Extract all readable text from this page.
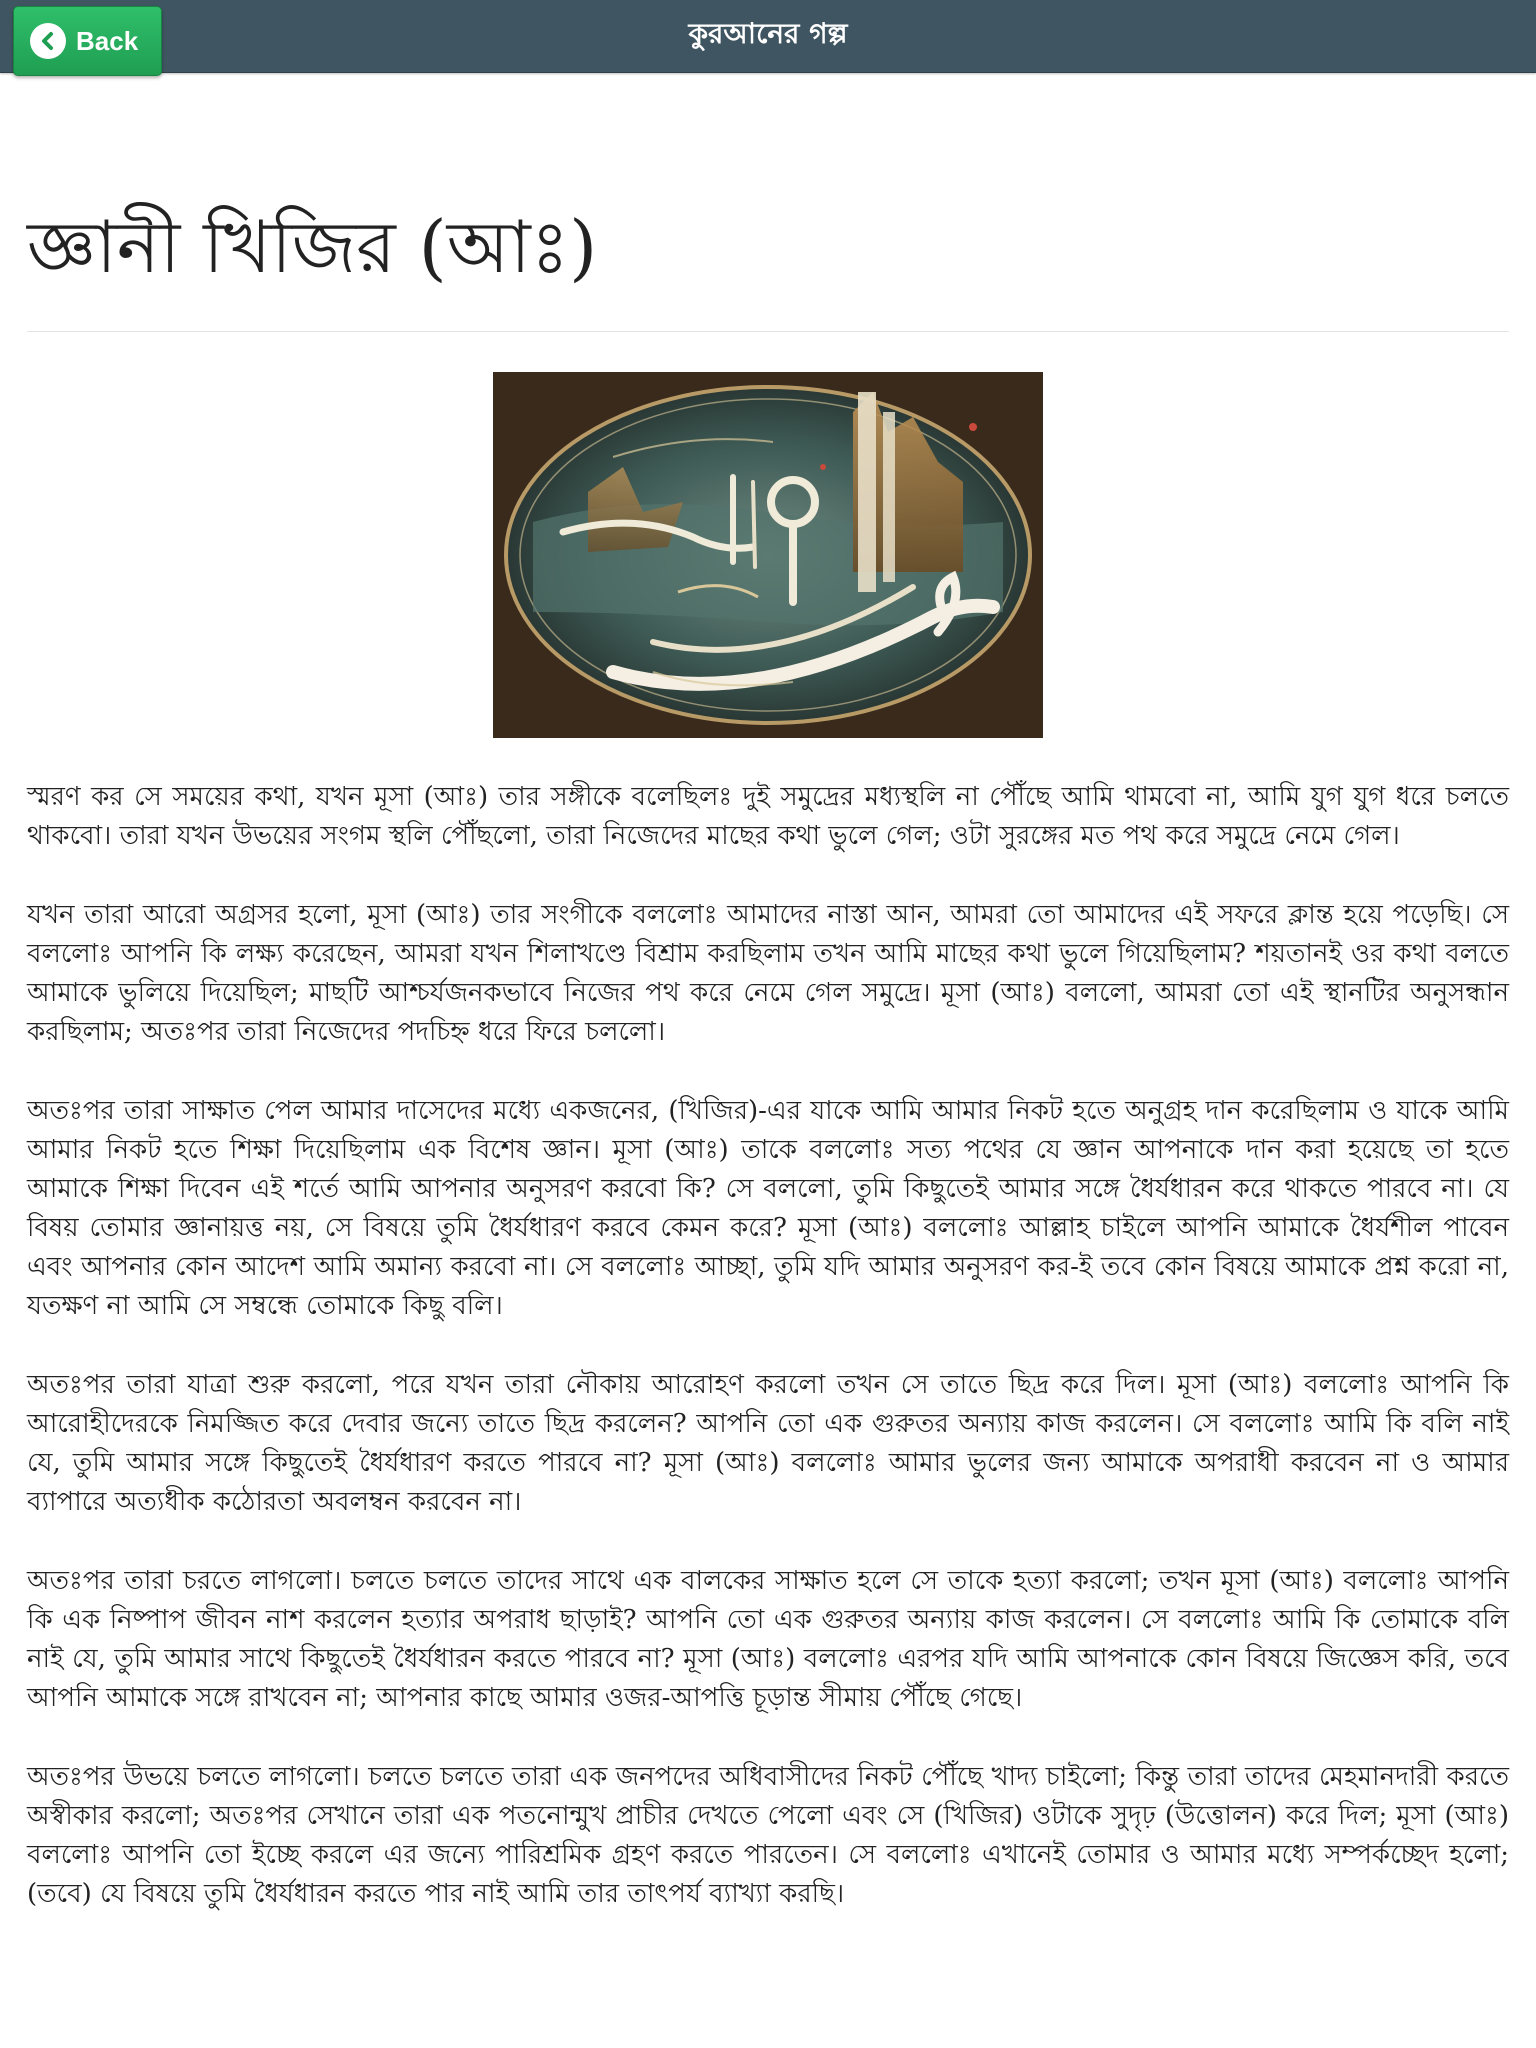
Back	কুরআনের গল্প
জ্ঞানী খিজির (আঃ)

স্মরণ কর সে সময়ের কথা, যখন মূসা (আঃ) তার সঙ্গীকে বলেছিলঃ দুই সমুদ্রের মধ্যস্থলি না পৌঁছে আমি থামবো না, আমি যুগ যুগ ধরে চলতে থাকবো। তারা যখন উভয়ের সংগম স্থলি পৌঁছলো, তারা নিজেদের মাছের কথা ভুলে গেল; ওটা সুরঙ্গের মত পথ করে সমুদ্রে নেমে গেল।

যখন তারা আরো অগ্রসর হলো, মূসা (আঃ) তার সংগীকে বললোঃ আমাদের নাস্তা আন, আমরা তো আমাদের এই সফরে ক্লান্ত হয়ে পড়েছি। সে বললোঃ আপনি কি লক্ষ্য করেছেন, আমরা যখন শিলাখণ্ডে বিশ্রাম করছিলাম তখন আমি মাছের কথা ভুলে গিয়েছিলাম? শয়তানই ওর কথা বলতে আমাকে ভুলিয়ে দিয়েছিল; মাছটি আশ্চর্যজনকভাবে নিজের পথ করে নেমে গেল সমুদ্রে। মূসা (আঃ) বললো, আমরা তো এই স্থানটির অনুসন্ধান করছিলাম; অতঃপর তারা নিজেদের পদচিহ্ন ধরে ফিরে চললো।

অতঃপর তারা সাক্ষাত পেল আমার দাসেদের মধ্যে একজনের, (খিজির)-এর যাকে আমি আমার নিকট হতে অনুগ্রহ দান করেছিলাম ও যাকে আমি আমার নিকট হতে শিক্ষা দিয়েছিলাম এক বিশেষ জ্ঞান। মূসা (আঃ) তাকে বললোঃ সত্য পথের যে জ্ঞান আপনাকে দান করা হয়েছে তা হতে আমাকে শিক্ষা দিবেন এই শর্তে আমি আপনার অনুসরণ করবো কি? সে বললো, তুমি কিছুতেই আমার সঙ্গে ধৈর্যধারন করে থাকতে পারবে না। যে বিষয় তোমার জ্ঞানায়ত্ত নয়, সে বিষয়ে তুমি ধৈর্যধারণ করবে কেমন করে? মূসা (আঃ) বললোঃ আল্লাহ চাইলে আপনি আমাকে ধৈর্যশীল পাবেন এবং আপনার কোন আদেশ আমি অমান্য করবো না। সে বললোঃ আচ্ছা, তুমি যদি আমার অনুসরণ কর-ই তবে কোন বিষয়ে আমাকে প্রশ্ন করো না, যতক্ষণ না আমি সে সম্বন্ধে তোমাকে কিছু বলি।

অতঃপর তারা যাত্রা শুরু করলো, পরে যখন তারা নৌকায় আরোহণ করলো তখন সে তাতে ছিদ্র করে দিল। মূসা (আঃ) বললোঃ আপনি কি আরোহীদেরকে নিমজ্জিত করে দেবার জন্যে তাতে ছিদ্র করলেন? আপনি তো এক গুরুতর অন্যায় কাজ করলেন। সে বললোঃ আমি কি বলি নাই যে, তুমি আমার সঙ্গে কিছুতেই ধৈর্যধারণ করতে পারবে না? মূসা (আঃ) বললোঃ আমার ভুলের জন্য আমাকে অপরাধী করবেন না ও আমার ব্যাপারে অত্যধীক কঠোরতা অবলম্বন করবেন না।

অতঃপর তারা চরতে লাগলো। চলতে চলতে তাদের সাথে এক বালকের সাক্ষাত হলে সে তাকে হত্যা করলো; তখন মূসা (আঃ) বললোঃ আপনি কি এক নিষ্পাপ জীবন নাশ করলেন হত্যার অপরাধ ছাড়াই? আপনি তো এক গুরুতর অন্যায় কাজ করলেন। সে বললোঃ আমি কি তোমাকে বলি নাই যে, তুমি আমার সাথে কিছুতেই ধৈর্যধারন করতে পারবে না? মূসা (আঃ) বললোঃ এরপর যদি আমি আপনাকে কোন বিষয়ে জিজ্ঞেস করি, তবে আপনি আমাকে সঙ্গে রাখবেন না; আপনার কাছে আমার ওজর-আপত্তি চূড়ান্ত সীমায় পৌঁছে গেছে।

অতঃপর উভয়ে চলতে লাগলো। চলতে চলতে তারা এক জনপদের অধিবাসীদের নিকট পৌঁছে খাদ্য চাইলো; কিন্তু তারা তাদের মেহমানদারী করতে অস্বীকার করলো; অতঃপর সেখানে তারা এক পতনোন্মুখ প্রাচীর দেখতে পেলো এবং সে (খিজির) ওটাকে সুদৃঢ় (উত্তোলন) করে দিল; মূসা (আঃ) বললোঃ আপনি তো ইচ্ছে করলে এর জন্যে পারিশ্রমিক গ্রহণ করতে পারতেন। সে বললোঃ এখানেই তোমার ও আমার মধ্যে সম্পর্কচ্ছেদ হলো; (তবে) যে বিষয়ে তুমি ধৈর্যধারন করতে পার নাই আমি তার তাৎপর্য ব্যাখ্যা করছি।
